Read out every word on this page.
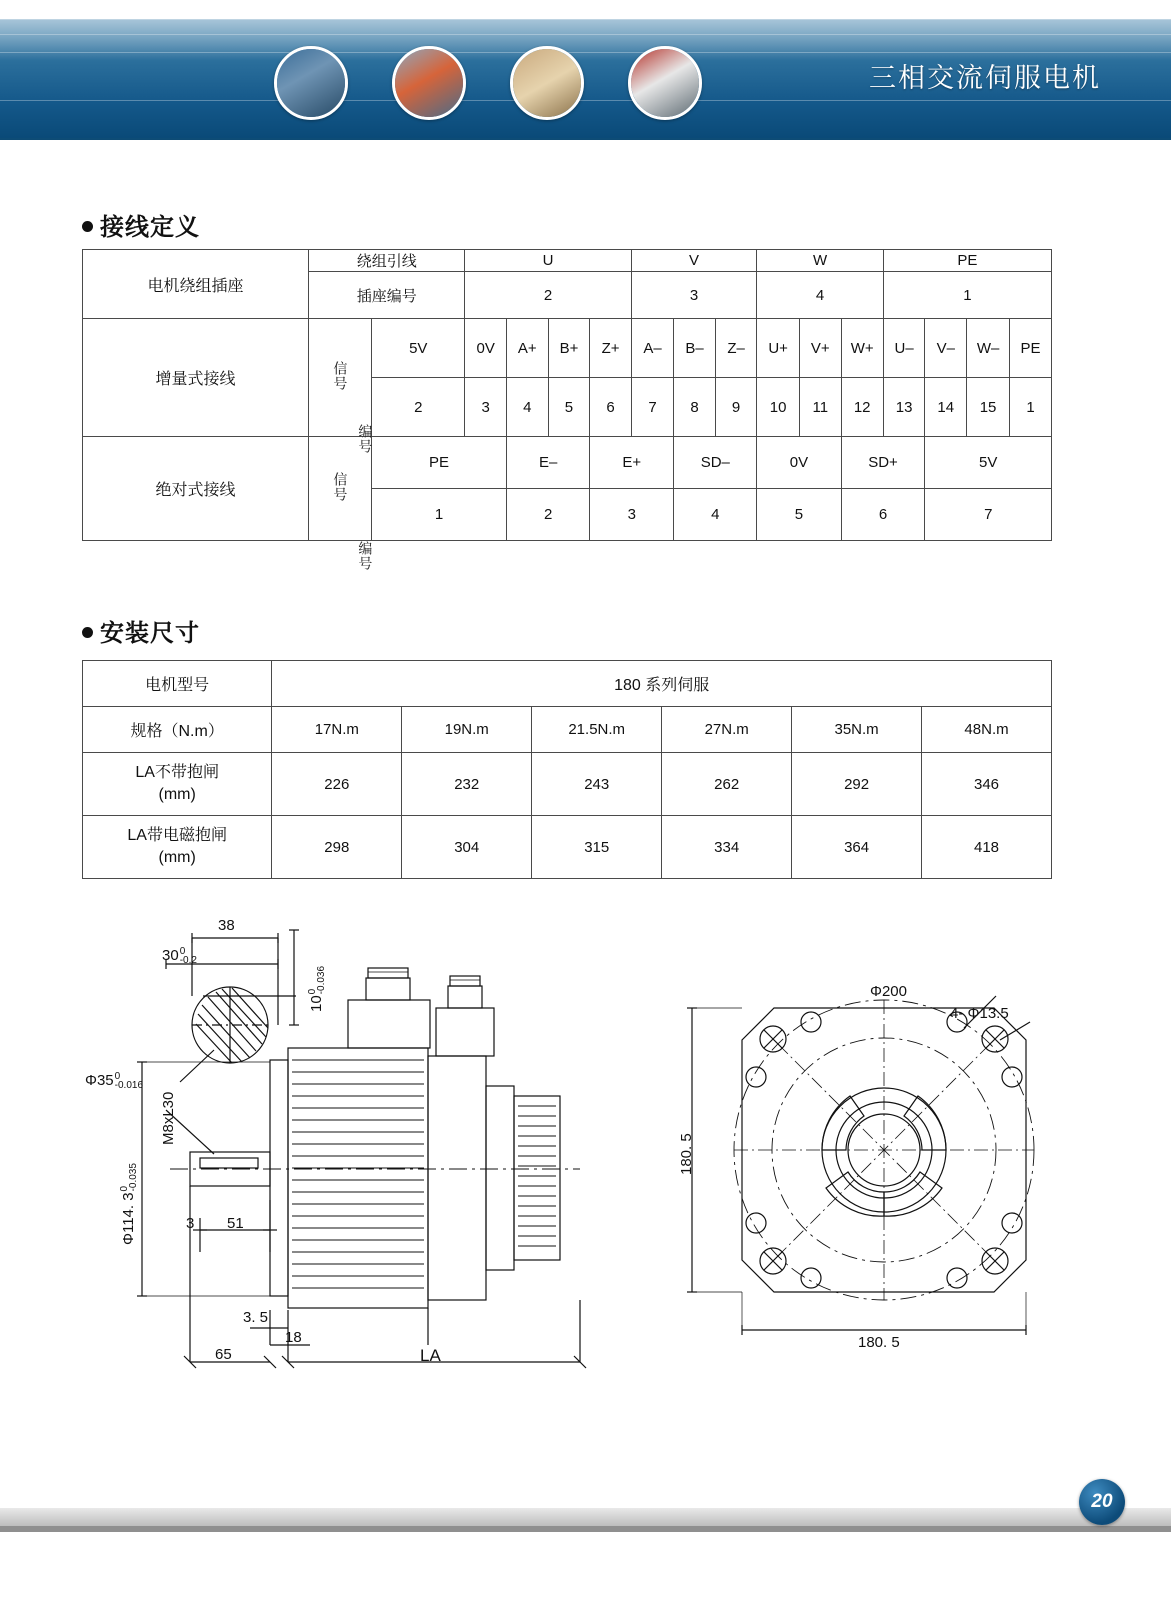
三相交流伺服电机
接线定义
电机绕组插座	绕组引线		U				V			W			PE			
	插座编号		2				3			4			1			
增量式接线	信号	5V	0V	A+	B+	Z+	A–	B–	Z–	U+	V+	W+	U–	V–	W–	PE
		2	3	4	5	6	7	8	9	10	11	12	13	14	15	1
绝对式接线	信号	PE		E–		E+		SD–		0V		SD+		5V		
		1		2		3		4		5		6		7		
编号
编号
安装尺寸
电机型号	180 系列伺服					
规格（N.m）	17N.m	19N.m	21.5N.m	27N.m	35N.m	48N.m
LA不带抱闸
(mm)	226	232	243	262	292	346
LA带电磁抱闸
(mm)	298	304	315	334	364	418
38
30 0
-0.2
10
0
-0.036
Φ35 0
-0.016
Φ114. 3
0
-0.035
M8xL30
3 51
3. 5
18
65	LA
Φ200
4- Φ13.5
180. 5
180. 5
20
